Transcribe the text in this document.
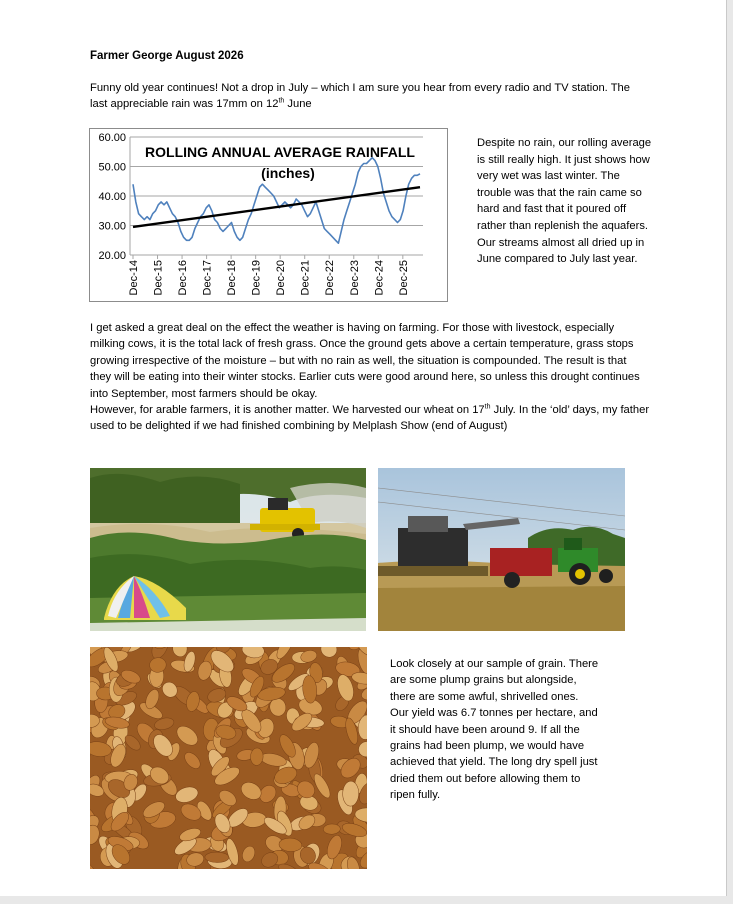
Farmer George August 2026
Funny old year continues! Not a drop in July – which I am sure you hear from every radio and TV station. The last appreciable rain was 17mm on 12th June
60.00
50.00
40.00
30.00
20.00
Dec-14 Dec-15 Dec-16 Dec-17 Dec-18 Dec-19 Dec-20 Dec-21 Dec-22 Dec-23 Dec-24 Dec-25
ROLLING ANNUAL AVERAGE RAINFALL
(inches)
Despite no rain, our rolling average is still really high. It just shows how very wet was last winter. The trouble was that the rain came so hard and fast that it poured off rather than replenish the aquafers. Our streams almost all dried up in June compared to July last year.
I get asked a great deal on the effect the weather is having on farming. For those with livestock, especially milking cows, it is the total lack of fresh grass. Once the ground gets above a certain temperature, grass stops growing irrespective of the moisture – but with no rain as well, the situation is compounded. The result is that they will be eating into their winter stocks. Earlier cuts were good around here, so unless this drought continues into September, most farmers should be okay.
However, for arable farmers, it is another matter. We harvested our wheat on 17th July. In the ‘old’ days, my father used to be delighted if we had finished combining by Melplash Show (end of August)
Look closely at our sample of grain. There are some plump grains but alongside, there are some awful, shrivelled ones. Our yield was 6.7 tonnes per hectare, and it should have been around 9. If all the grains had been plump, we would have achieved that yield. The long dry spell just dried them out before allowing them to ripen fully.
